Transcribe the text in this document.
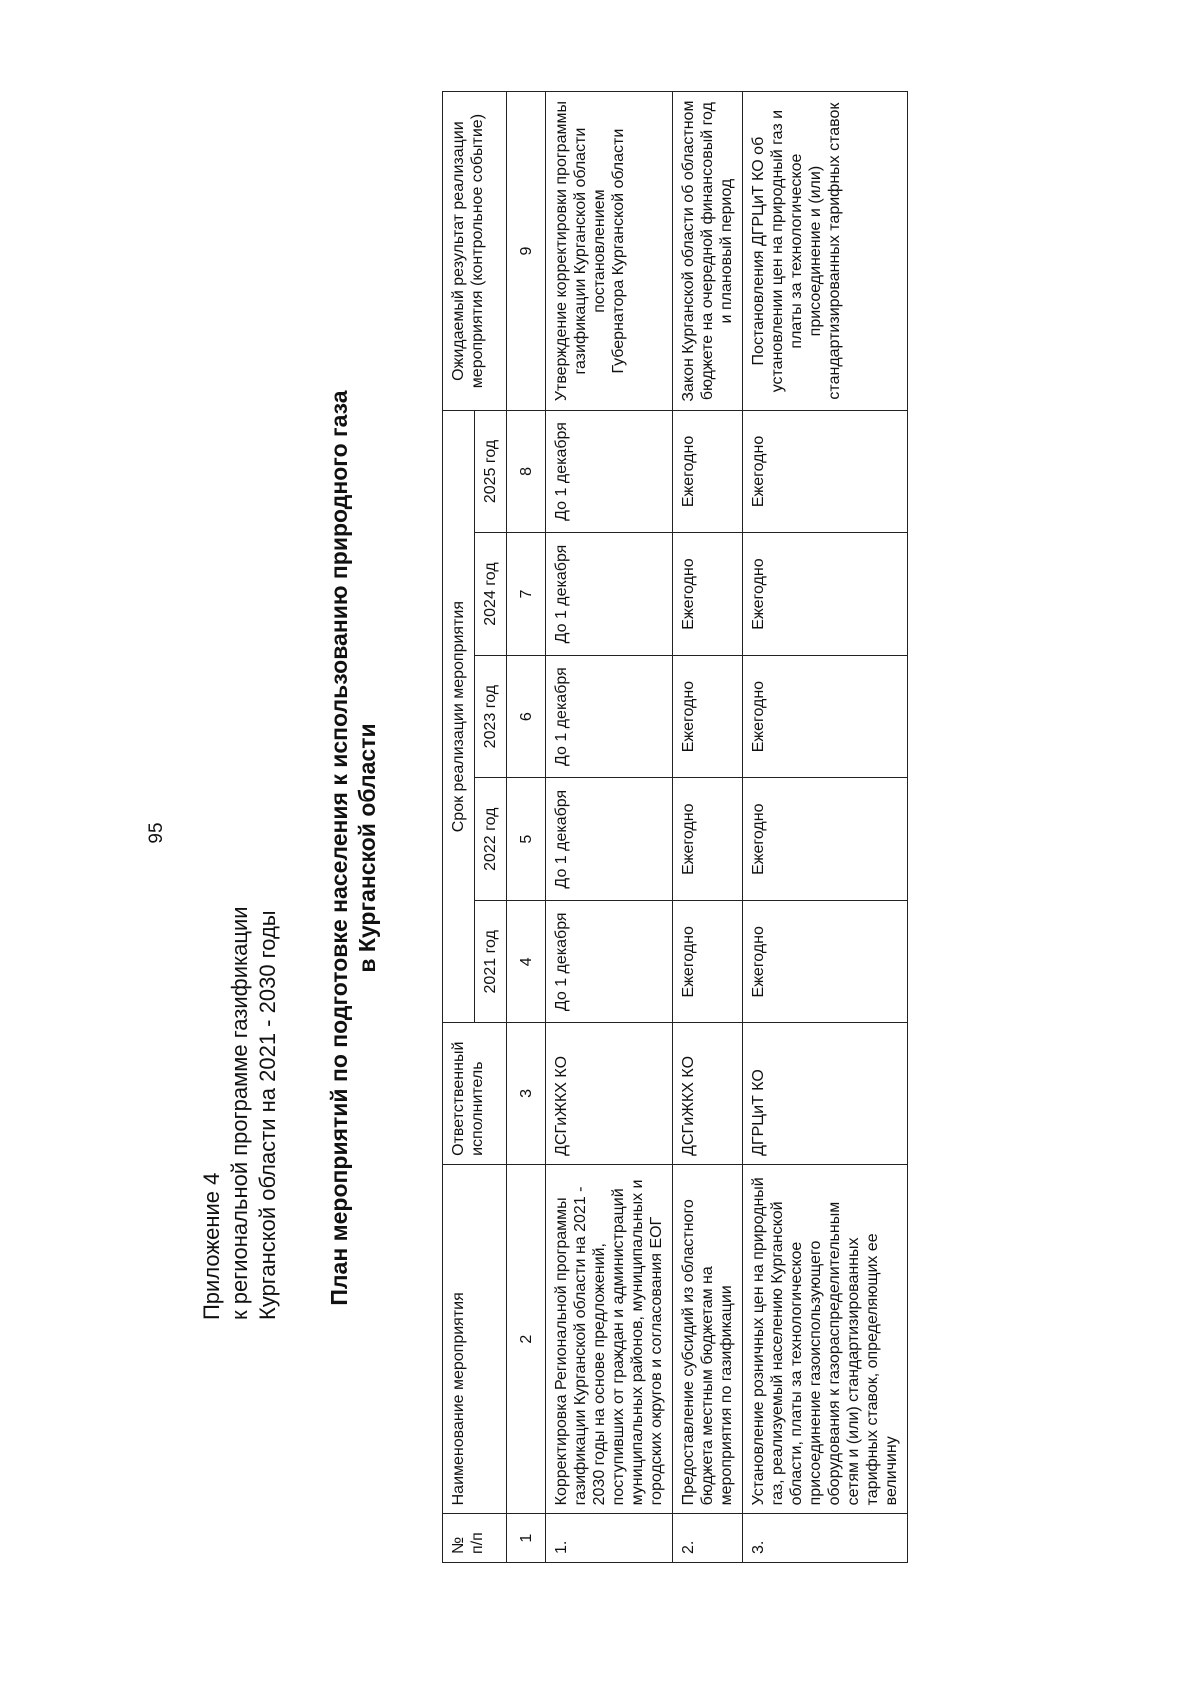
95
Приложение 4 к региональной программе газификации Курганской области на 2021 - 2030 годы План мероприятий по подготовке населения к использованию природного газа в Курганской области
№ п/п	Наименование мероприятия	Ответственный исполнитель	Срок реализации мероприятия					Ожидаемый результат реализации мероприятия (контрольное событие)
			2021 год	2022 год	2023 год	2024 год	2025 год	
1	2	3	4	5	6	7	8	9
1.	Корректировка Региональной программы газификации Курганской области на 2021 - 2030 годы на основе предложений, поступивших от граждан и администраций муниципальных районов, муниципальных и городских округов и согласования ЕОГ	ДСГиЖКХ КО	До 1 декабря	До 1 декабря	До 1 декабря	До 1 декабря	До 1 декабря	Утверждение корректировки программы газификации Курганской области постановлением Губернатора Курганской области

2.	Предоставление субсидий из областного бюджета местным бюджетам на мероприятия по газификации	ДСГиЖКХ КО	Ежегодно	Ежегодно	Ежегодно	Ежегодно	Ежегодно	Закон Курганской области об областном бюджете на очередной финансовый год и плановый период

3.	Установление розничных цен на природный газ, реализуемый населению Курганской области, платы за технологическое присоединение газоиспользующего оборудования к газораспределительным сетям и (или) стандартизированных тарифных ставок, определяющих ее величину	ДГРЦиТ КО	Ежегодно	Ежегодно	Ежегодно	Ежегодно	Ежегодно	Постановления ДГРЦиТ КО об установлении цен на природный газ и платы за технологическое присоединение и (или) стандартизированных тарифных ставок
